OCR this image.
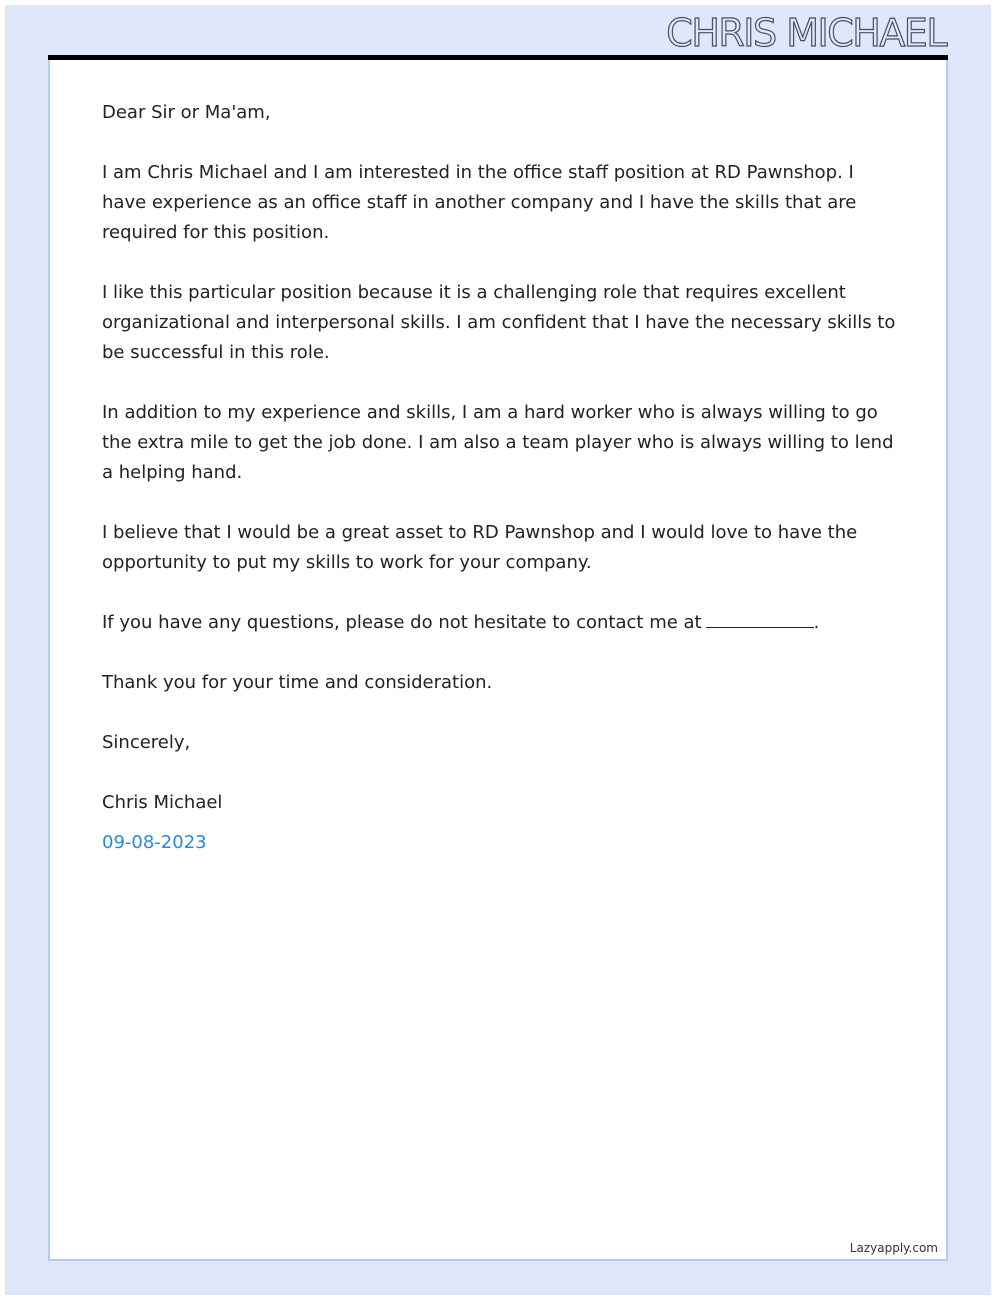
CHRIS MICHAEL

Dear Sir or Ma'am,

I am Chris Michael and I am interested in the office staff position at RD Pawnshop. I have experience as an office staff in another company and I have the skills that are required for this position.

I like this particular position because it is a challenging role that requires excellent organizational and interpersonal skills. I am confident that I have the necessary skills to be successful in this role.

In addition to my experience and skills, I am a hard worker who is always willing to go the extra mile to get the job done. I am also a team player who is always willing to lend a helping hand.

I believe that I would be a great asset to RD Pawnshop and I would love to have the opportunity to put my skills to work for your company.

If you have any questions, please do not hesitate to contact me at	.

Thank you for your time and consideration.

Sincerely,

Chris Michael

09-08-2023

Lazyapply.com
